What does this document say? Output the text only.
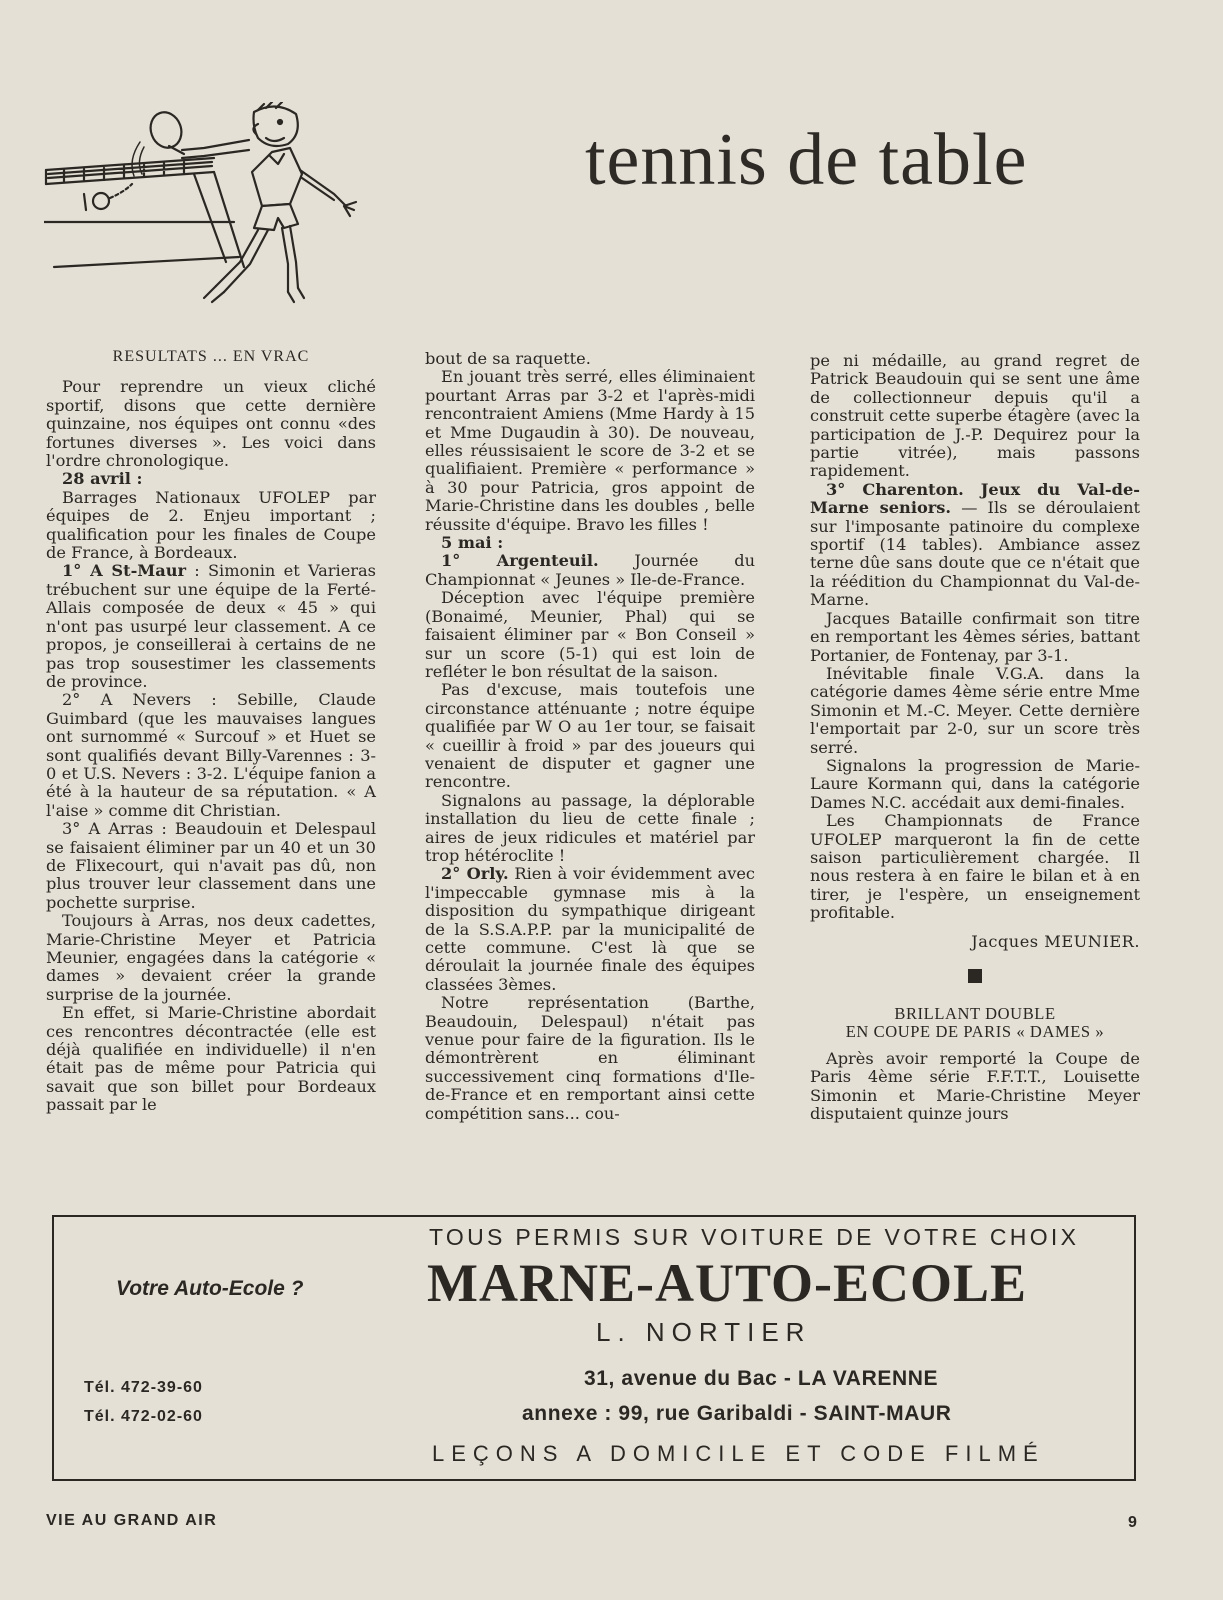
tennis de table

RESULTATS ... EN VRAC

Pour reprendre un vieux cliché sportif, disons que cette dernière quinzaine, nos équipes ont connu «des fortunes diverses ». Les voici dans l'ordre chronologique.

28 avril :

Barrages Nationaux UFOLEP par équipes de 2. Enjeu important ; qualification pour les finales de Coupe de France, à Bordeaux.

1° A St-Maur : Simonin et Varieras trébuchent sur une équipe de la Ferté-Allais composée de deux « 45 » qui n'ont pas usurpé leur classement. A ce propos, je conseillerai à certains de ne pas trop sousestimer les classements de province.

2° A Nevers : Sebille, Claude Guimbard (que les mauvaises langues ont surnommé « Surcouf » et Huet se sont qualifiés devant Billy-Varennes : 3-0 et U.S. Nevers : 3-2. L'équipe fanion a été à la hauteur de sa réputation. « A l'aise » comme dit Christian.

3° A Arras : Beaudouin et Delespaul se faisaient éliminer par un 40 et un 30 de Flixecourt, qui n'avait pas dû, non plus trouver leur classement dans une pochette surprise.

Toujours à Arras, nos deux cadettes, Marie-Christine Meyer et Patricia Meunier, engagées dans la catégorie « dames » devaient créer la grande surprise de la journée.

En effet, si Marie-Christine abordait ces rencontres décontractée (elle est déjà qualifiée en individuelle) il n'en était pas de même pour Patricia qui savait que son billet pour Bordeaux passait par le

bout de sa raquette.

En jouant très serré, elles éliminaient pourtant Arras par 3-2 et l'après-midi rencontraient Amiens (Mme Hardy à 15 et Mme Dugaudin à 30). De nouveau, elles réussisaient le score de 3-2 et se qualifiaient. Première « performance » à 30 pour Patricia, gros appoint de Marie-Christine dans les doubles , belle réussite d'équipe. Bravo les filles !

5 mai :

1° Argenteuil. Journée du Championnat « Jeunes » Ile-de-France.

Déception avec l'équipe première (Bonaimé, Meunier, Phal) qui se faisaient éliminer par « Bon Conseil » sur un score (5-1) qui est loin de refléter le bon résultat de la saison.

Pas d'excuse, mais toutefois une circonstance atténuante ; notre équipe qualifiée par W O au 1er tour, se faisait « cueillir à froid » par des joueurs qui venaient de disputer et gagner une rencontre.

Signalons au passage, la déplorable installation du lieu de cette finale ; aires de jeux ridicules et matériel par trop hétéroclite !

2° Orly. Rien à voir évidemment avec l'impeccable gymnase mis à la disposition du sympathique dirigeant de la S.S.A.P.P. par la municipalité de cette commune. C'est là que se déroulait la journée finale des équipes classées 3èmes.

Notre représentation (Barthe, Beaudouin, Delespaul) n'était pas venue pour faire de la figuration. Ils le démontrèrent en éliminant successivement cinq formations d'Ile-de-France et en remportant ainsi cette compétition sans... cou-

pe ni médaille, au grand regret de Patrick Beaudouin qui se sent une âme de collectionneur depuis qu'il a construit cette superbe étagère (avec la participation de J.-P. Dequirez pour la partie vitrée), mais passons rapidement.

3° Charenton. Jeux du Val-de-Marne seniors. — Ils se déroulaient sur l'imposante patinoire du complexe sportif (14 tables). Ambiance assez terne dûe sans doute que ce n'était que la réédition du Championnat du Val-de-Marne.

Jacques Bataille confirmait son titre en remportant les 4èmes séries, battant Portanier, de Fontenay, par 3-1.

Inévitable finale V.G.A. dans la catégorie dames 4ème série entre Mme Simonin et M.-C. Meyer. Cette dernière l'emportait par 2-0, sur un score très serré.

Signalons la progression de Marie-Laure Kormann qui, dans la catégorie Dames N.C. accédait aux demi-finales.

Les Championnats de France UFOLEP marqueront la fin de cette saison particulièrement chargée. Il nous restera à en faire le bilan et à en tirer, je l'espère, un enseignement profitable.

Jacques MEUNIER.

BRILLANT DOUBLE

EN COUPE DE PARIS « DAMES »

Après avoir remporté la Coupe de Paris 4ème série F.F.T.T., Louisette Simonin et Marie-Christine Meyer disputaient quinze jours

Votre Auto-Ecole ?
Tél. 472-39-60
Tél. 472-02-60
TOUS PERMIS SUR VOITURE DE VOTRE CHOIX
MARNE-AUTO-ECOLE
L. NORTIER
31, avenue du Bac - LA VARENNE
annexe : 99, rue Garibaldi - SAINT-MAUR
LEÇONS A DOMICILE ET CODE FILMÉ
VIE AU GRAND AIR	9
